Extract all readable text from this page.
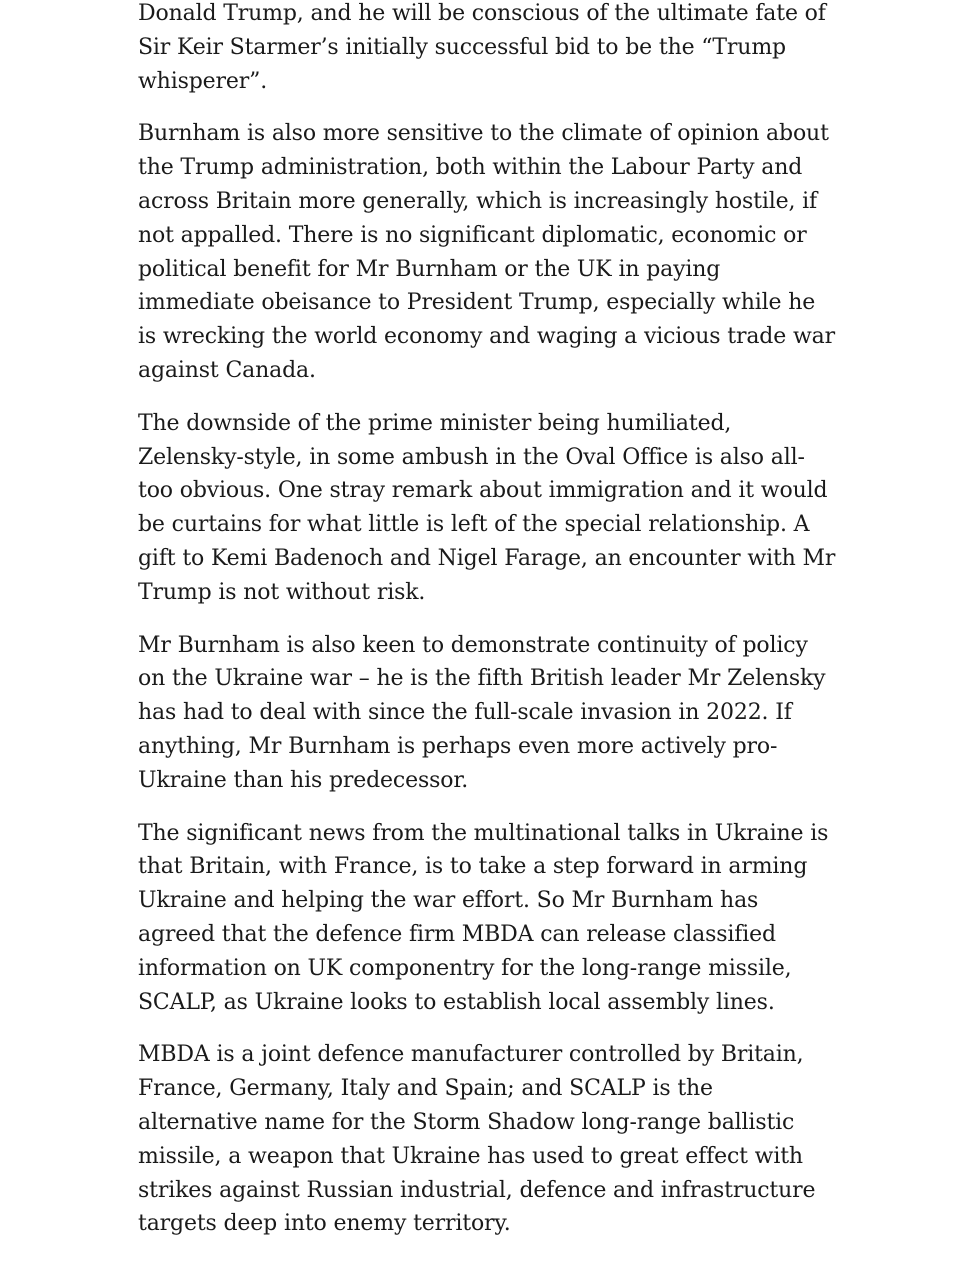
Donald Trump, and he will be conscious of the ultimate fate of Sir Keir Starmer’s initially successful bid to be the “Trump whisperer”.

Burnham is also more sensitive to the climate of opinion about the Trump administration, both within the Labour Party and across Britain more generally, which is increasingly hostile, if not appalled. There is no significant diplomatic, economic or political benefit for Mr Burnham or the UK in paying immediate obeisance to President Trump, especially while he is wrecking the world economy and waging a vicious trade war against Canada.

The downside of the prime minister being humiliated, Zelensky-style, in some ambush in the Oval Office is also all-too obvious. One stray remark about immigration and it would be curtains for what little is left of the special relationship. A gift to Kemi Badenoch and Nigel Farage, an encounter with Mr Trump is not without risk.

Mr Burnham is also keen to demonstrate continuity of policy on the Ukraine war – he is the fifth British leader Mr Zelensky has had to deal with since the full-scale invasion in 2022. If anything, Mr Burnham is perhaps even more actively pro-Ukraine than his predecessor.

The significant news from the multinational talks in Ukraine is that Britain, with France, is to take a step forward in arming Ukraine and helping the war effort. So Mr Burnham has agreed that the defence firm MBDA can release classified information on UK componentry for the long-range missile, SCALP, as Ukraine looks to establish local assembly lines.

MBDA is a joint defence manufacturer controlled by Britain, France, Germany, Italy and Spain; and SCALP is the alternative name for the Storm Shadow long-range ballistic missile, a weapon that Ukraine has used to great effect with strikes against Russian industrial, defence and infrastructure targets deep into enemy territory.
